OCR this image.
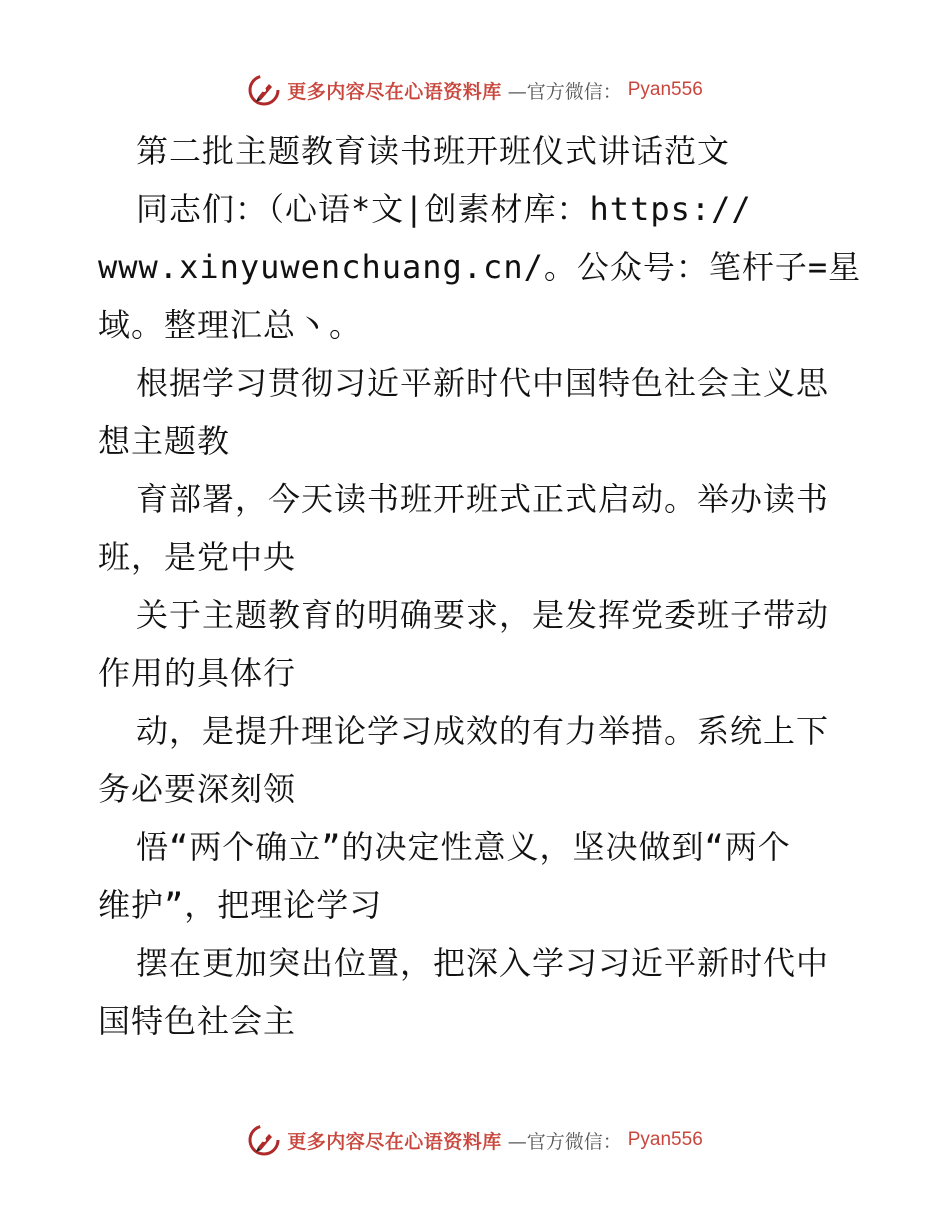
更多内容尽在心语资料库 —官方微信： Pyan556
第二批主题教育读书班开班仪式讲话范文
同志们：（心语*文|创素材库：https://
www.xinyuwenchuang.cn/。公众号：笔杆子=星
域。整理汇总丶。
根据学习贯彻习近平新时代中国特色社会主义思
想主题教
育部署，今天读书班开班式正式启动。举办读书
班，是党中央
关于主题教育的明确要求，是发挥党委班子带动
作用的具体行
动，是提升理论学习成效的有力举措。系统上下
务必要深刻领
悟“两个确立”的决定性意义，坚决做到“两个
维护”，把理论学习
摆在更加突出位置，把深入学习习近平新时代中
国特色社会主
更多内容尽在心语资料库 —官方微信： Pyan556
